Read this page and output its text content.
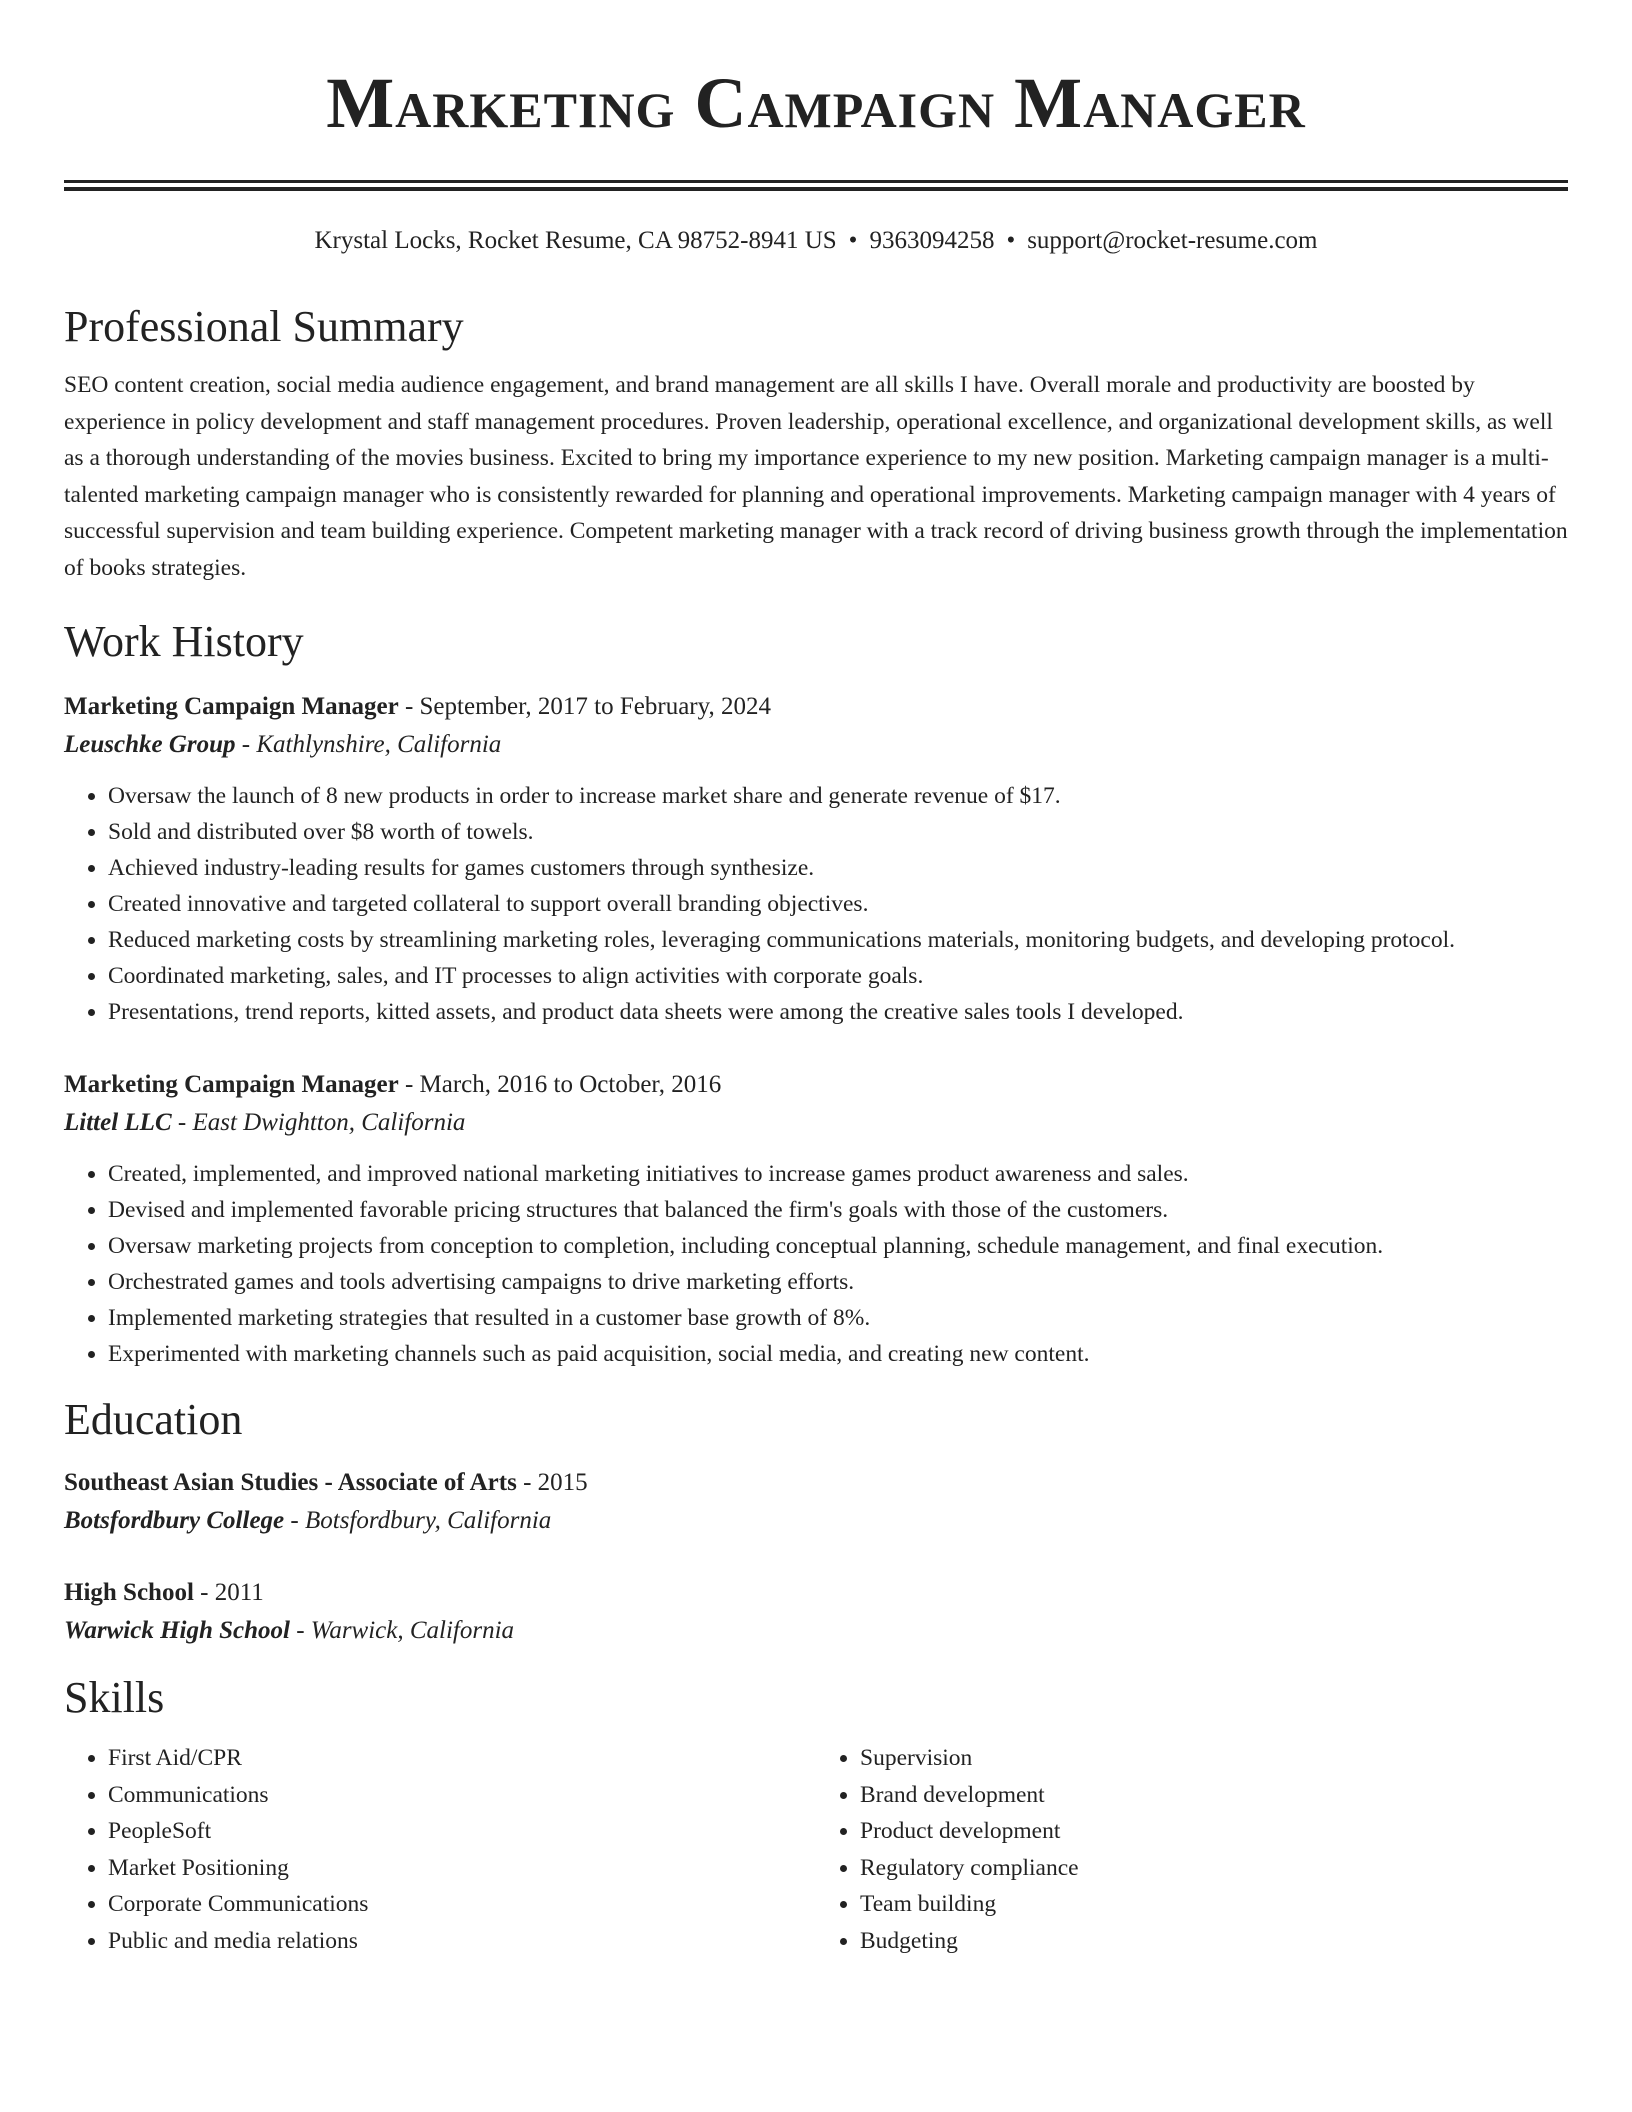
Marketing Campaign Manager
Krystal Locks, Rocket Resume, CA 98752-8941 US • 9363094258 • support@rocket-resume.com
Professional Summary

SEO content creation, social media audience engagement, and brand management are all skills I have. Overall morale and productivity are boosted by experience in policy development and staff management procedures. Proven leadership, operational excellence, and organizational development skills, as well as a thorough understanding of the movies business. Excited to bring my importance experience to my new position. Marketing campaign manager is a multi-talented marketing campaign manager who is consistently rewarded for planning and operational improvements. Marketing campaign manager with 4 years of successful supervision and team building experience. Competent marketing manager with a track record of driving business growth through the implementation of books strategies.

Work History
Marketing Campaign Manager - September, 2017 to February, 2024
Leuschke Group - Kathlynshire, California
• Oversaw the launch of 8 new products in order to increase market share and generate revenue of $17.
• Sold and distributed over $8 worth of towels.
• Achieved industry-leading results for games customers through synthesize.
• Created innovative and targeted collateral to support overall branding objectives.
• Reduced marketing costs by streamlining marketing roles, leveraging communications materials, monitoring budgets, and developing protocol.
• Coordinated marketing, sales, and IT processes to align activities with corporate goals.
• Presentations, trend reports, kitted assets, and product data sheets were among the creative sales tools I developed.
Marketing Campaign Manager - March, 2016 to October, 2016
Littel LLC - East Dwightton, California
• Created, implemented, and improved national marketing initiatives to increase games product awareness and sales.
• Devised and implemented favorable pricing structures that balanced the firm's goals with those of the customers.
• Oversaw marketing projects from conception to completion, including conceptual planning, schedule management, and final execution.
• Orchestrated games and tools advertising campaigns to drive marketing efforts.
• Implemented marketing strategies that resulted in a customer base growth of 8%.
• Experimented with marketing channels such as paid acquisition, social media, and creating new content.
Education
Southeast Asian Studies - Associate of Arts - 2015
Botsfordbury College - Botsfordbury, California
High School - 2011
Warwick High School - Warwick, California
Skills
• First Aid/CPR
• Communications
• PeopleSoft
• Market Positioning
• Corporate Communications
• Public and media relations
• Supervision
• Brand development
• Product development
• Regulatory compliance
• Team building
• Budgeting
